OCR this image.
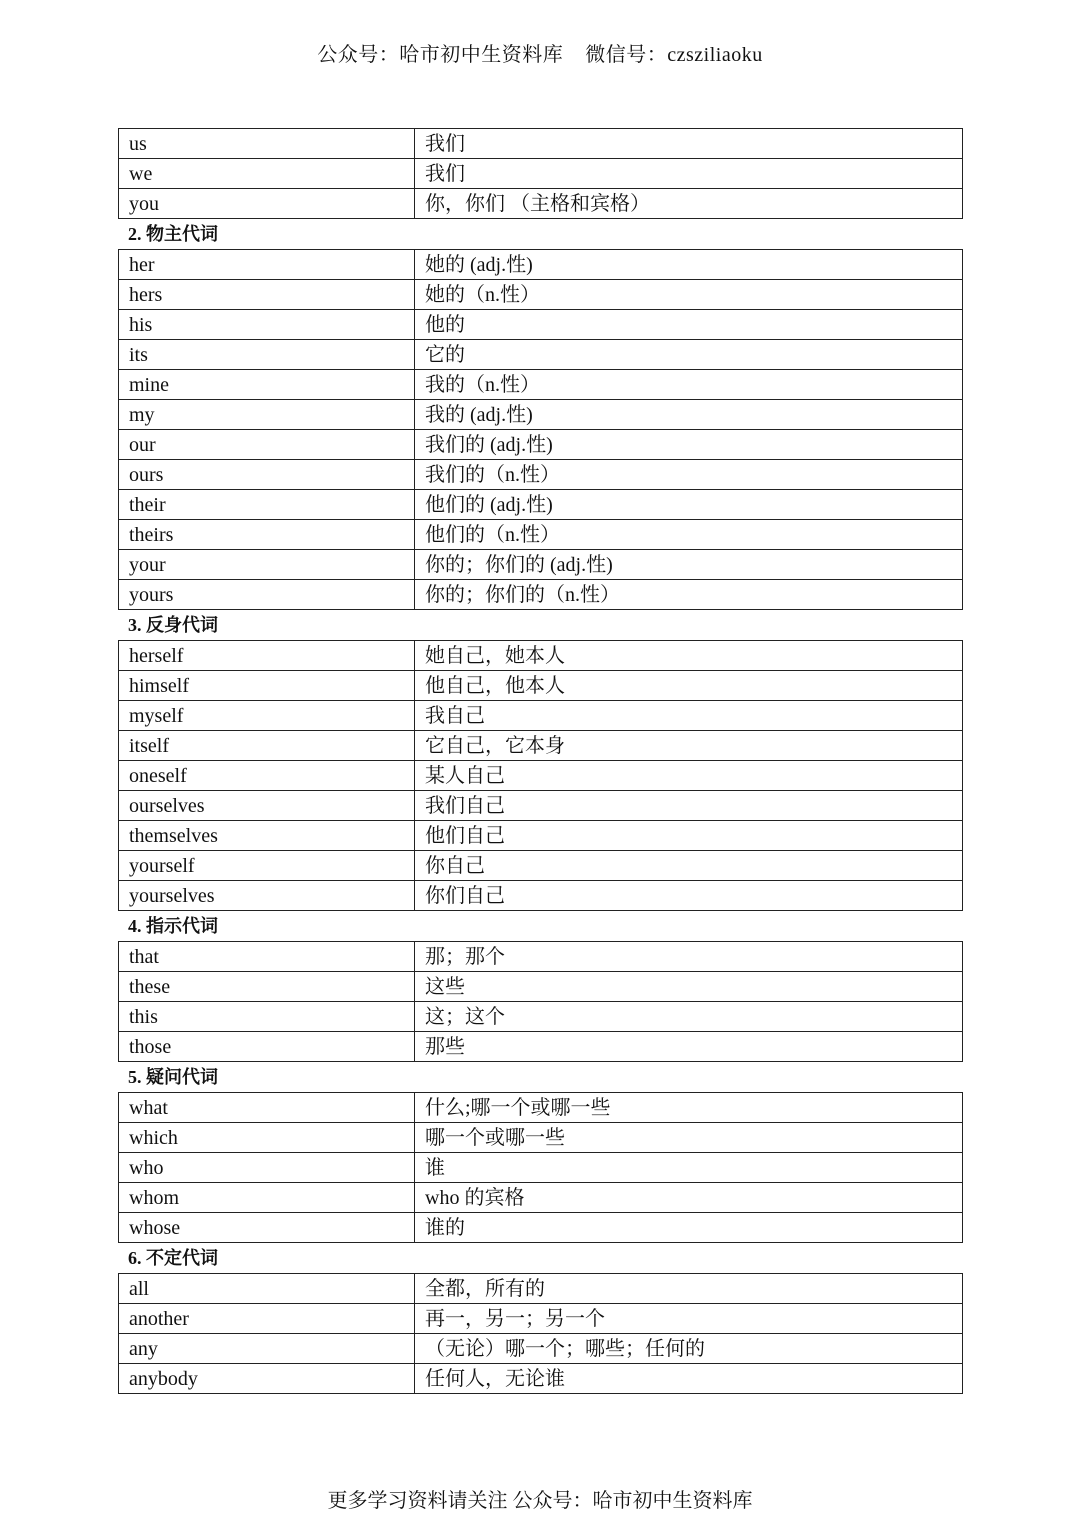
公众号：哈市初中生资料库    微信号：czsziliaoku
us	我们
we	我们
you	你，你们 （主格和宾格）
2. 物主代词
her	她的 (adj.性)
hers	她的（n.性）
his	他的
its	它的
mine	我的（n.性）
my	我的 (adj.性)
our	我们的 (adj.性)
ours	我们的（n.性）
their	他们的 (adj.性)
theirs	他们的（n.性）
your	你的；你们的 (adj.性)
yours	你的；你们的（n.性）
3. 反身代词
herself	她自己，她本人
himself	他自己，他本人
myself	我自己
itself	它自己，它本身
oneself	某人自己
ourselves	我们自己
themselves	他们自己
yourself	你自己
yourselves	你们自己
4. 指示代词
that	那；那个
these	这些
this	这；这个
those	那些
5. 疑问代词
what	什么;哪一个或哪一些
which	哪一个或哪一些
who	谁
whom	who 的宾格
whose	谁的
6. 不定代词
all	全都，所有的
another	再一，另一；另一个
any	（无论）哪一个；哪些；任何的
anybody	任何人，无论谁
更多学习资料请关注 公众号：哈市初中生资料库
